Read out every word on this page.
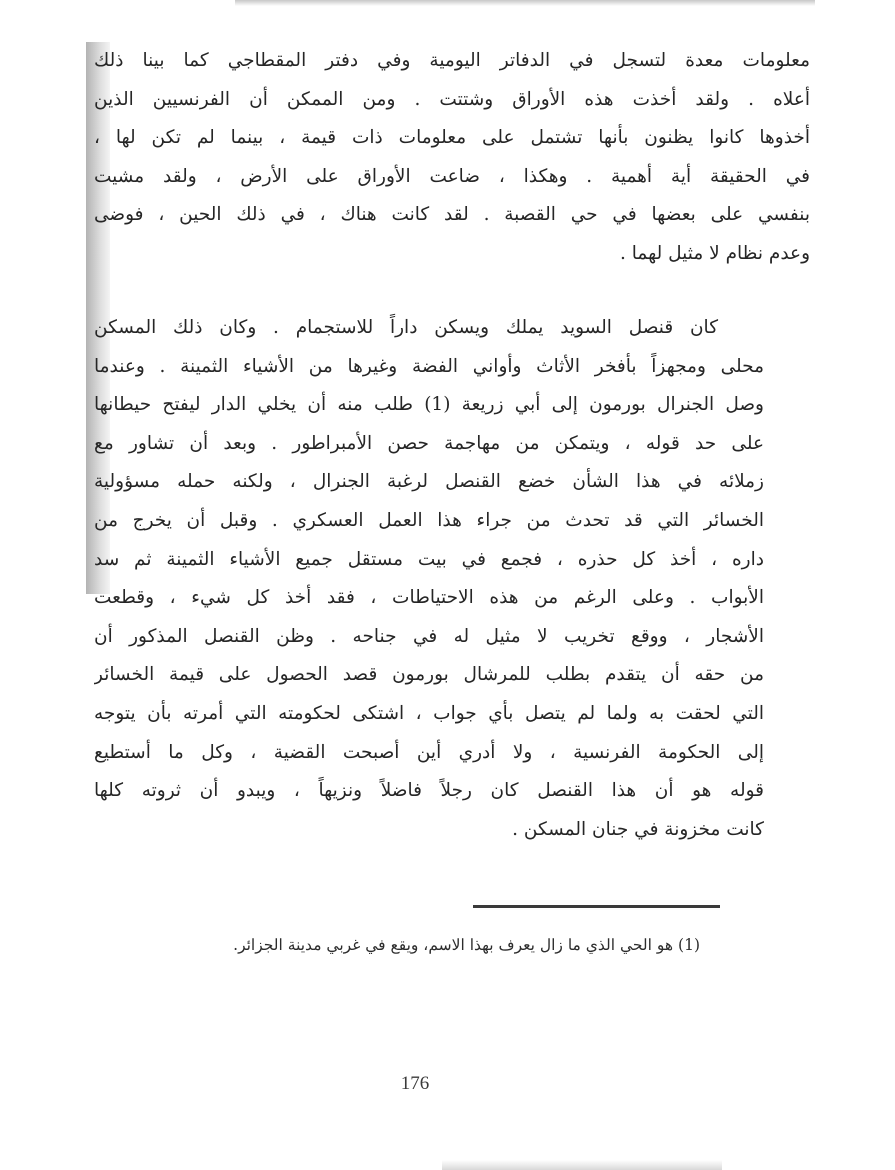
معلومات معدة لتسجل في الدفاتر اليومية وفي دفتر المقطاجي كما بينا ذلك
أعلاه . ولقد أخذت هذه الأوراق وشتتت . ومن الممكن أن الفرنسيين الذين
أخذوها كانوا يظنون بأنها تشتمل على معلومات ذات قيمة ، بينما لم تكن لها ،
في الحقيقة أية أهمية . وهكذا ، ضاعت الأوراق على الأرض ، ولقد مشيت
بنفسي على بعضها في حي القصبة . لقد كانت هناك ، في ذلك الحين ، فوضى
وعدم نظام لا مثيل لهما .

كان قنصل السويد يملك ويسكن داراً للاستجمام . وكان ذلك المسكن
محلى ومجهزاً بأفخر الأثاث وأواني الفضة وغيرها من الأشياء الثمينة . وعندما
وصل الجنرال بورمون إلى أبي زريعة (1) طلب منه أن يخلي الدار ليفتح حيطانها
على حد قوله ، ويتمكن من مهاجمة حصن الأمبراطور . وبعد أن تشاور مع
زملائه في هذا الشأن خضع القنصل لرغبة الجنرال ، ولكنه حمله مسؤولية
الخسائر التي قد تحدث من جراء هذا العمل العسكري . وقبل أن يخرج من
داره ، أخذ كل حذره ، فجمع في بيت مستقل جميع الأشياء الثمينة ثم سد
الأبواب . وعلى الرغم من هذه الاحتياطات ، فقد أخذ كل شيء ، وقطعت
الأشجار ، ووقع تخريب لا مثيل له في جناحه . وظن القنصل المذكور أن
من حقه أن يتقدم بطلب للمرشال بورمون قصد الحصول على قيمة الخسائر
التي لحقت به ولما لم يتصل بأي جواب ، اشتكى لحكومته التي أمرته بأن يتوجه
إلى الحكومة الفرنسية ، ولا أدري أين أصبحت القضية ، وكل ما أستطيع
قوله هو أن هذا القنصل كان رجلاً فاضلاً ونزيهاً ، ويبدو أن ثروته كلها
كانت مخزونة في جنان المسكن .

(1) هو الحي الذي ما زال يعرف بهذا الاسم، ويقع في غربي مدينة الجزائر.
176
